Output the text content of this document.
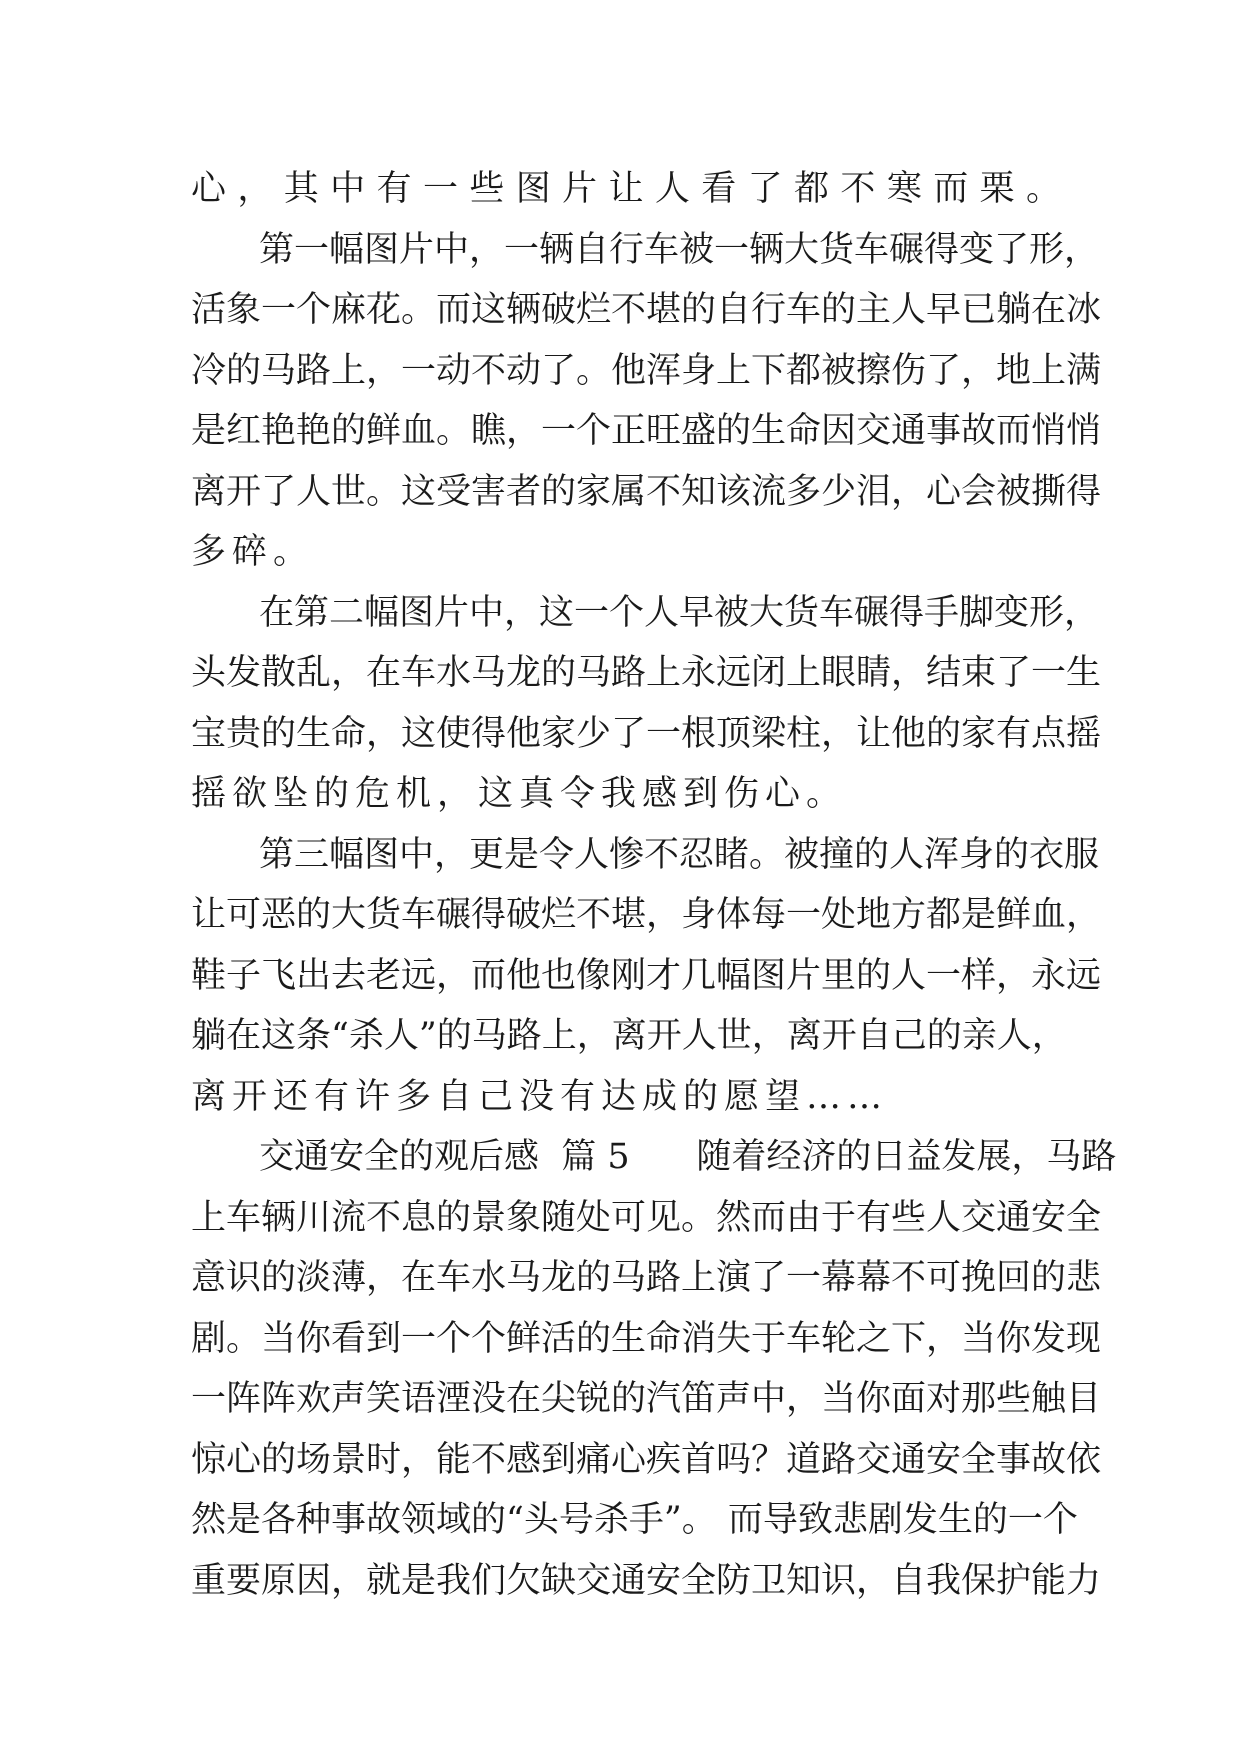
心，其中有一些图片让人看了都不寒而栗。
第一幅图片中，一辆自行车被一辆大货车碾得变了形，
活象一个麻花。而这辆破烂不堪的自行车的主人早已躺在冰
冷的马路上，一动不动了。他浑身上下都被擦伤了，地上满
是红艳艳的鲜血。瞧，一个正旺盛的生命因交通事故而悄悄
离开了人世。这受害者的家属不知该流多少泪，心会被撕得
多碎。
在第二幅图片中，这一个人早被大货车碾得手脚变形，
头发散乱，在车水马龙的马路上永远闭上眼睛，结束了一生
宝贵的生命，这使得他家少了一根顶梁柱，让他的家有点摇
摇欲坠的危机，这真令我感到伤心。
第三幅图中，更是令人惨不忍睹。被撞的人浑身的衣服
让可恶的大货车碾得破烂不堪，身体每一处地方都是鲜血，
鞋子飞出去老远，而他也像刚才几幅图片里的人一样，永远
躺在这条“杀人”的马路上，离开人世，离开自己的亲人，
离开还有许多自己没有达成的愿望……
交通安全的观后感  篇 5      随着经济的日益发展，马路
上车辆川流不息的景象随处可见。然而由于有些人交通安全
意识的淡薄，在车水马龙的马路上演了一幕幕不可挽回的悲
剧。当你看到一个个鲜活的生命消失于车轮之下，当你发现
一阵阵欢声笑语湮没在尖锐的汽笛声中，当你面对那些触目
惊心的场景时，能不感到痛心疾首吗？道路交通安全事故依
然是各种事故领域的“头号杀手”。 而导致悲剧发生的一个
重要原因，就是我们欠缺交通安全防卫知识，自我保护能力
